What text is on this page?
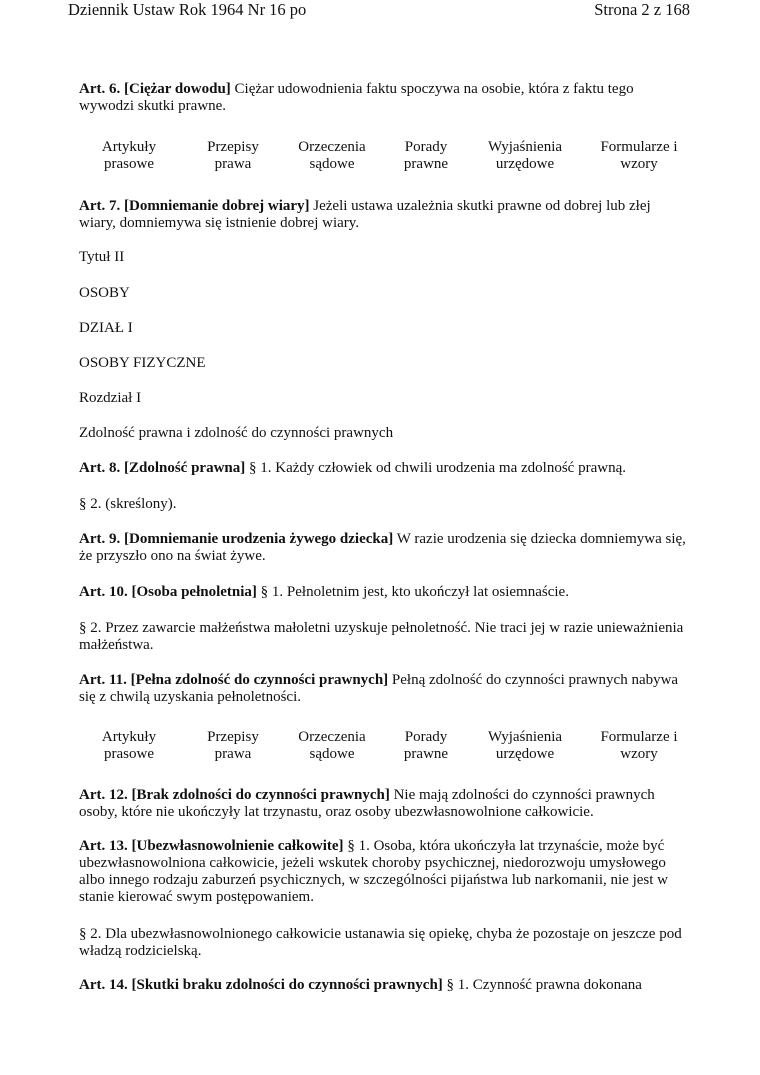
Dziennik Ustaw Rok 1964 Nr 16 po	Strona 2 z 168

Art. 6. [Ciężar dowodu] Ciężar udowodnienia faktu spoczywa na osobie, która z faktu tego wywodzi skutki prawne.

Artykuły
prasowe
Przepisy
prawa
Orzeczenia
sądowe
Porady
prawne
Wyjaśnienia
urzędowe
Formularze i
wzory

Art. 7. [Domniemanie dobrej wiary] Jeżeli ustawa uzależnia skutki prawne od dobrej lub złej wiary, domniemywa się istnienie dobrej wiary.

Tytuł II

OSOBY

DZIAŁ I

OSOBY FIZYCZNE

Rozdział I

Zdolność prawna i zdolność do czynności prawnych

Art. 8. [Zdolność prawna] § 1. Każdy człowiek od chwili urodzenia ma zdolność prawną.

§ 2. (skreślony).

Art. 9. [Domniemanie urodzenia żywego dziecka] W razie urodzenia się dziecka domniemywa się, że przyszło ono na świat żywe.

Art. 10. [Osoba pełnoletnia] § 1. Pełnoletnim jest, kto ukończył lat osiemnaście.

§ 2. Przez zawarcie małżeństwa małoletni uzyskuje pełnoletność. Nie traci jej w razie unieważnienia małżeństwa.

Art. 11. [Pełna zdolność do czynności prawnych] Pełną zdolność do czynności prawnych nabywa się z chwilą uzyskania pełnoletności.

Artykuły
prasowe
Przepisy
prawa
Orzeczenia
sądowe
Porady
prawne
Wyjaśnienia
urzędowe
Formularze i
wzory

Art. 12. [Brak zdolności do czynności prawnych] Nie mają zdolności do czynności prawnych osoby, które nie ukończyły lat trzynastu, oraz osoby ubezwłasnowolnione całkowicie.

Art. 13. [Ubezwłasnowolnienie całkowite] § 1. Osoba, która ukończyła lat trzynaście, może być ubezwłasnowolniona całkowicie, jeżeli wskutek choroby psychicznej, niedorozwoju umysłowego albo innego rodzaju zaburzeń psychicznych, w szczególności pijaństwa lub narkomanii, nie jest w stanie kierować swym postępowaniem.

§ 2. Dla ubezwłasnowolnionego całkowicie ustanawia się opiekę, chyba że pozostaje on jeszcze pod władzą rodzicielską.

Art. 14. [Skutki braku zdolności do czynności prawnych] § 1. Czynność prawna dokonana
